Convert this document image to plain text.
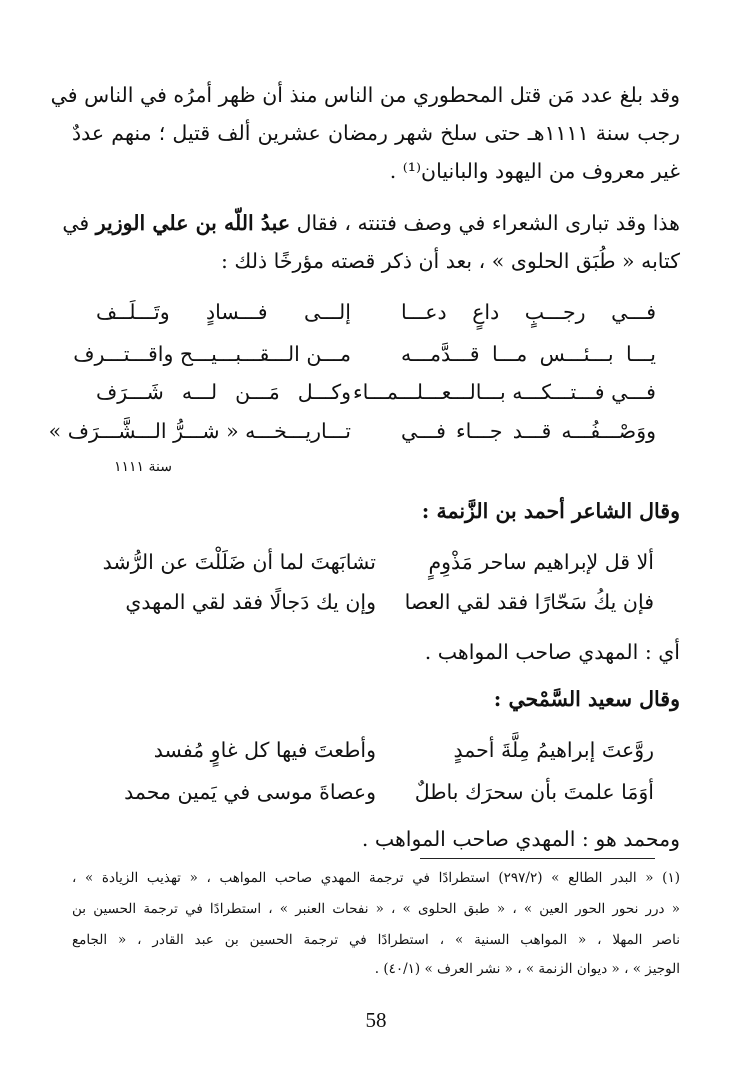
وقد بلغ عدد مَن قتل المحطوري من الناس منذ أن ظهر أمرُه في الناس في
رجب سنة ١١١١هـ حتى سلخ شهر رمضان عشرين ألف قتيل ؛ منهم عددٌ
غير معروف من اليهود والبانيان⁽¹⁾ .
هذا وقد تبارى الشعراء في وصف فتنته ، فقال عبدُ اللّه بن علي الوزير في
كتابه « طُبَق الحلوى » ، بعد أن ذكر قصته مؤرخًا ذلك :
فـــي رجـــبٍ داعٍ دعـــا
إلـــى فـــسادٍ وتَـــلَــف
يـــا بـــئـــس مـــا قـــدَّمـــه
مـــن الـــقـــبـــيـــح واقـــتـــرف
فـــي فـــتـــكـــه بـــالـــعـــلـــمـــاء
وكـــل مَـــن لـــه شَـــرَف
ووَصْـــفُـــه قـــد جـــاء فـــي
تـــاريـــخـــه « شـــرُّ الـــشَّـــرَف »
سنة ١١١١
وقال الشاعر أحمد بن الزَّنمة :
ألا قل لإبراهيم ساحر مَذْوِمٍ
تشابَهتَ لما أن ضَلَلْتَ عن الرُّشد
فإن يكُ سَحّارًا فقد لقي العصا
وإن يك دَجالًا فقد لقي المهدي
أي : المهدي صاحب المواهب .
وقال سعيد السَّمْحي :
روَّعتَ إبراهيمُ مِلَّةَ أحمدٍ
وأطعتَ فيها كل غاوٍ مُفسد
أوَمَا علمتَ بأن سحرَك باطلٌ
وعصاةَ موسى في يَمين محمد
ومحمد هو : المهدي صاحب المواهب .
(١) « البدر الطالع » (٢٩٧/٢) استطرادًا في ترجمة المهدي صاحب المواهب ، « تهذيب الزيادة » ،
« درر نحور الحور العين » ، « طبق الحلوى » ، « نفحات العنبر » ، استطرادًا في ترجمة الحسين بن
ناصر المهلا ، « المواهب السنية » ، استطرادًا في ترجمة الحسين بن عبد القادر ، « الجامع
الوجيز » ، « ديوان الزنمة » ، « نشر العرف » (٤٠/١) .
58
